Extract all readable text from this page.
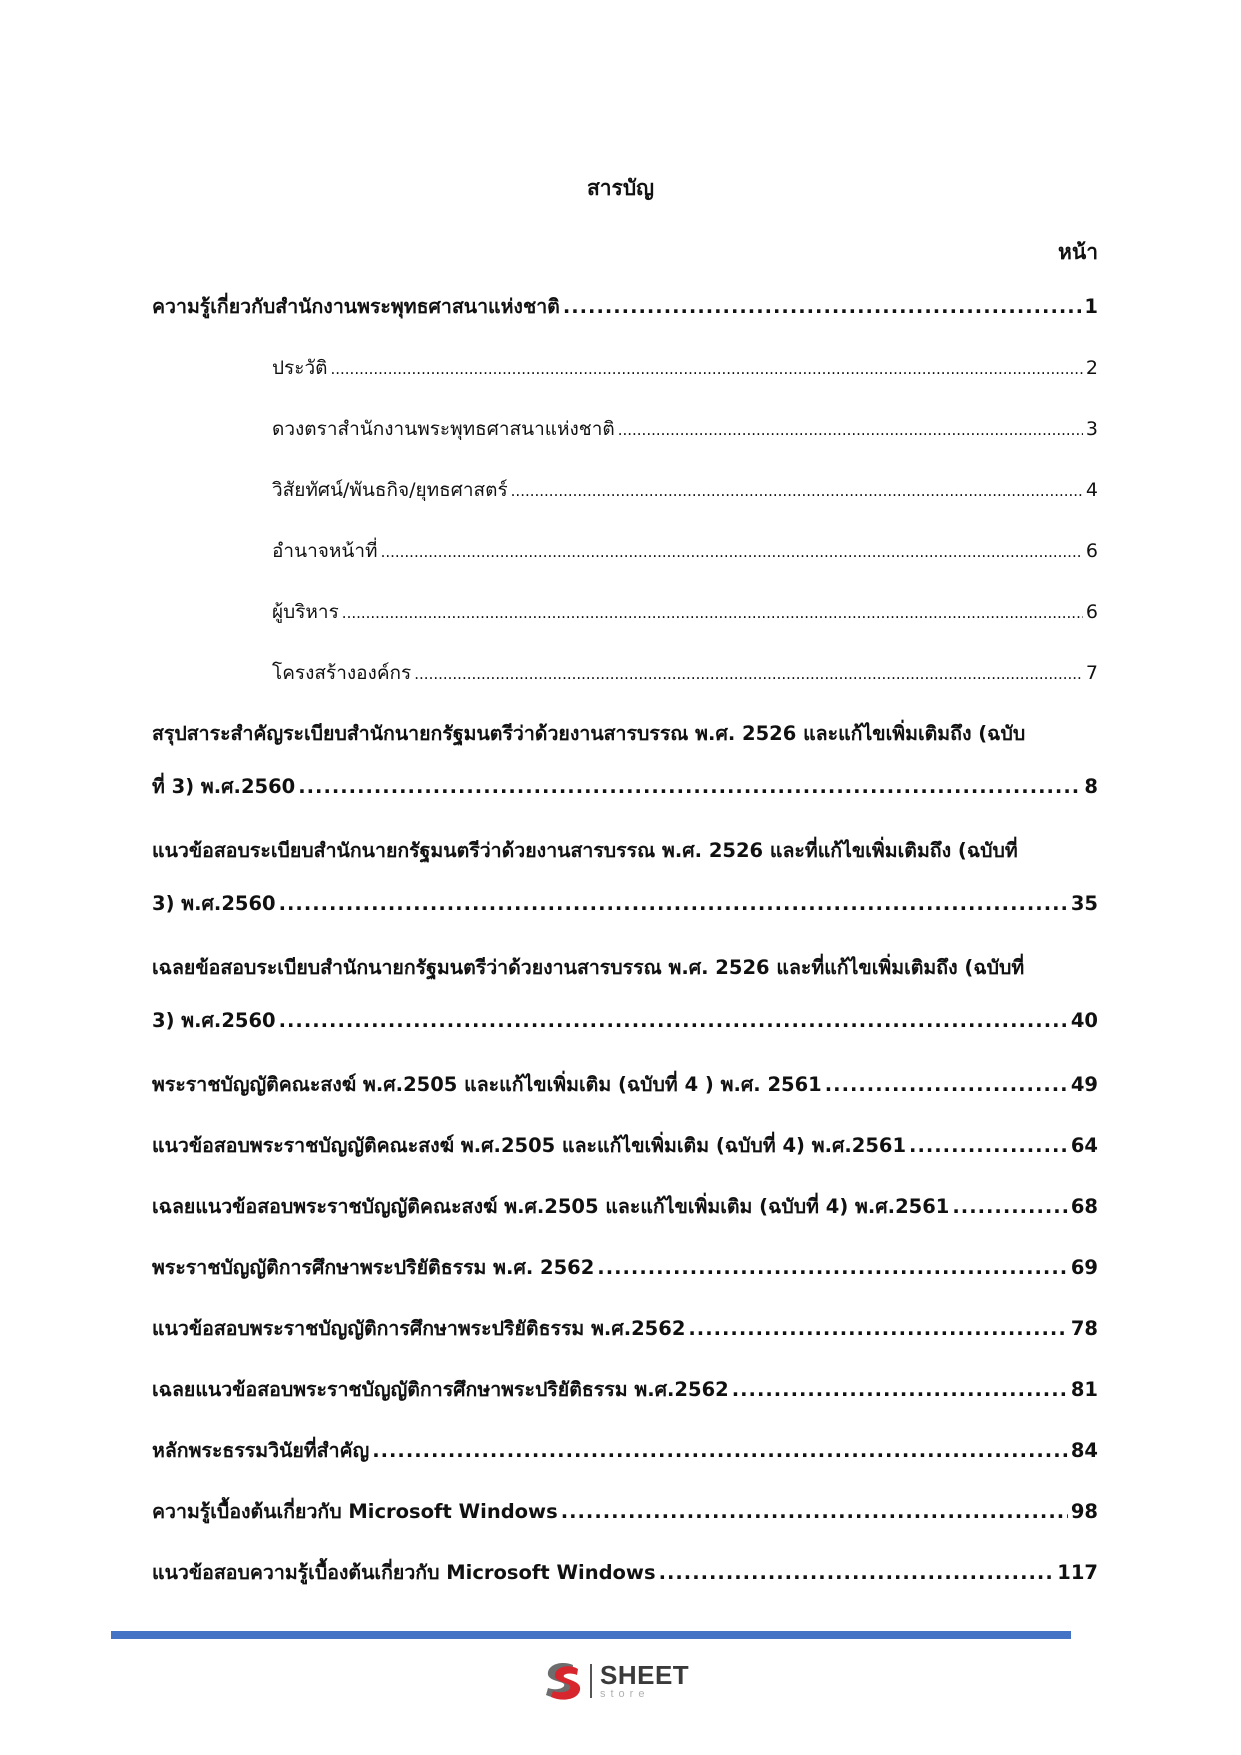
สารบัญ
หน้า
ความรู้เกี่ยวกับสำนักงานพระพุทธศาสนาแห่งชาติ .....	1
ประวัติ .....	2
ดวงตราสำนักงานพระพุทธศาสนาแห่งชาติ .....	3
วิสัยทัศน์/พันธกิจ/ยุทธศาสตร์ .....	4
อำนาจหน้าที่ .....	6
ผู้บริหาร .....	6
โครงสร้างองค์กร .....	7
สรุปสาระสำคัญระเบียบสำนักนายกรัฐมนตรีว่าด้วยงานสารบรรณ พ.ศ. 2526 และแก้ไขเพิ่มเติมถึง (ฉบับ
ที่ 3) พ.ศ.2560 .....	8
แนวข้อสอบระเบียบสำนักนายกรัฐมนตรีว่าด้วยงานสารบรรณ พ.ศ. 2526 และที่แก้ไขเพิ่มเติมถึง (ฉบับที่
3) พ.ศ.2560 .....	35
เฉลยข้อสอบระเบียบสำนักนายกรัฐมนตรีว่าด้วยงานสารบรรณ พ.ศ. 2526 และที่แก้ไขเพิ่มเติมถึง (ฉบับที่
3) พ.ศ.2560 .....	40
พระราชบัญญัติคณะสงฆ์ พ.ศ.2505 และแก้ไขเพิ่มเติม (ฉบับที่ 4 ) พ.ศ. 2561 .....	49
แนวข้อสอบพระราชบัญญัติคณะสงฆ์ พ.ศ.2505 และแก้ไขเพิ่มเติม (ฉบับที่ 4) พ.ศ.2561 .....	64
เฉลยแนวข้อสอบพระราชบัญญัติคณะสงฆ์ พ.ศ.2505 และแก้ไขเพิ่มเติม (ฉบับที่ 4) พ.ศ.2561 .....	68
พระราชบัญญัติการศึกษาพระปริยัติธรรม พ.ศ. 2562 .....	69
แนวข้อสอบพระราชบัญญัติการศึกษาพระปริยัติธรรม พ.ศ.2562 .....	78
เฉลยแนวข้อสอบพระราชบัญญัติการศึกษาพระปริยัติธรรม พ.ศ.2562 .....	81
หลักพระธรรมวินัยที่สำคัญ .....	84
ความรู้เบื้องต้นเกี่ยวกับ Microsoft Windows .....	98
แนวข้อสอบความรู้เบื้องต้นเกี่ยวกับ Microsoft Windows .....	117
SHEET
store
